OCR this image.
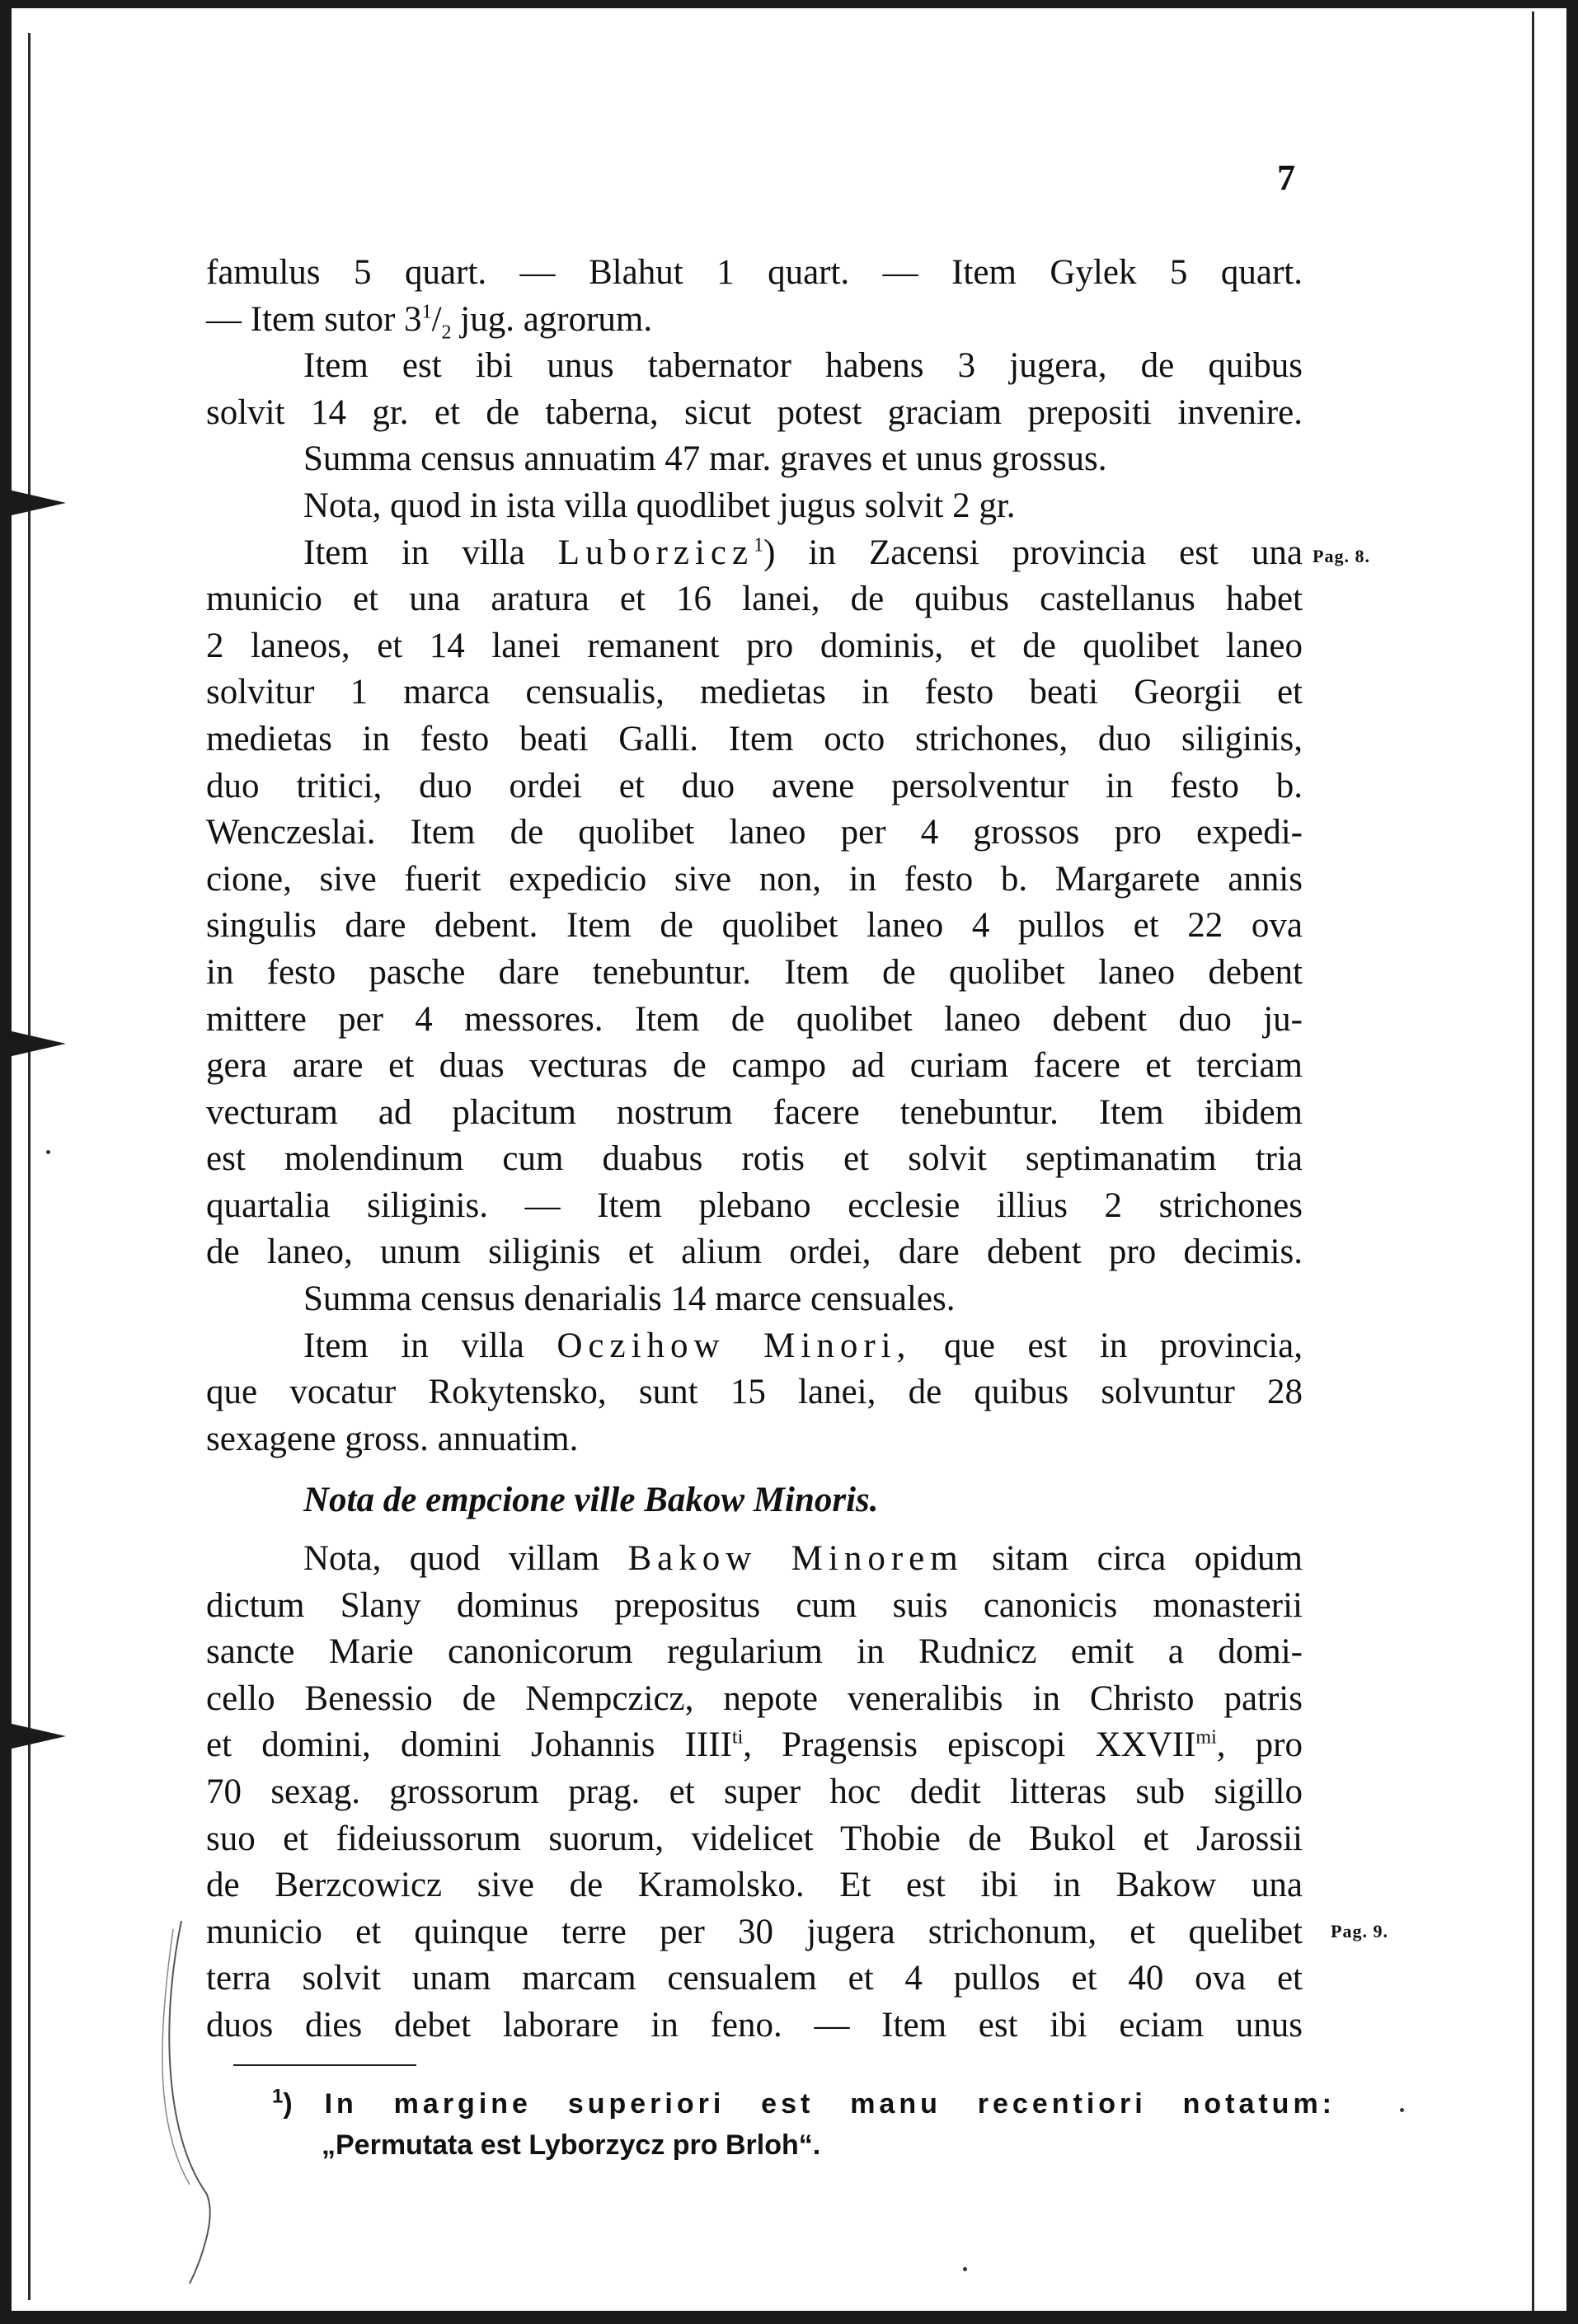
7
Pag. 8.
Pag. 9.
famulus 5 quart. — Blahut 1 quart. — Item Gylek 5 quart.
— Item sutor $3^1/_2$ jug. agrorum.
Item est ibi unus tabernator habens 3 jugera, de quibus
solvit 14 gr. et de taberna, sicut potest graciam prepositi invenire.
Summa census annuatim 47 mar. graves et unus grossus.
Nota, quod in ista villa quodlibet jugus solvit 2 gr.
Item in villa Luborzicz$^1$) in Zacensi provincia est una
municio et una aratura et 16 lanei, de quibus castellanus habet
2 laneos, et 14 lanei remanent pro dominis, et de quolibet laneo
solvitur 1 marca censualis, medietas in festo beati Georgii et
medietas in festo beati Galli. Item octo strichones, duo siliginis,
duo tritici, duo ordei et duo avene persolventur in festo b.
Wenczeslai. Item de quolibet laneo per 4 grossos pro expedi-
cione, sive fuerit expedicio sive non, in festo b. Margarete annis
singulis dare debent. Item de quolibet laneo 4 pullos et 22 ova
in festo pasche dare tenebuntur. Item de quolibet laneo debent
mittere per 4 messores. Item de quolibet laneo debent duo ju-
gera arare et duas vecturas de campo ad curiam facere et terciam
vecturam ad placitum nostrum facere tenebuntur. Item ibidem
est molendinum cum duabus rotis et solvit septimanatim tria
quartalia siliginis. — Item plebano ecclesie illius 2 strichones
de laneo, unum siliginis et alium ordei, dare debent pro decimis.
Summa census denarialis 14 marce censuales.
Item in villa Oczihow Minori, que est in provincia,
que vocatur Rokytensko, sunt 15 lanei, de quibus solvuntur 28
sexagene gross. annuatim.
Nota de empcione ville Bakow Minoris.
Nota, quod villam Bakow Minorem sitam circa opidum
dictum Slany dominus prepositus cum suis canonicis monasterii
sancte Marie canonicorum regularium in Rudnicz emit a domi-
cello Benessio de Nempczicz, nepote veneralibis in Christo patris
et domini, domini Johannis $IIII^{ti}$, Pragensis episcopi $XXVII^{mi}$, pro
70 sexag. grossorum prag. et super hoc dedit litteras sub sigillo
suo et fideiussorum suorum, videlicet Thobie de Bukol et Jarossii
de Berzcowicz sive de Kramolsko. Et est ibi in Bakow una
municio et quinque terre per 30 jugera strichonum, et quelibet
terra solvit unam marcam censualem et 4 pullos et 40 ova et
duos dies debet laborare in feno. — Item est ibi eciam unus
$^1$) In margine superiori est manu recentiori notatum:
„Permutata est Lyborzycz pro Brloh“.
